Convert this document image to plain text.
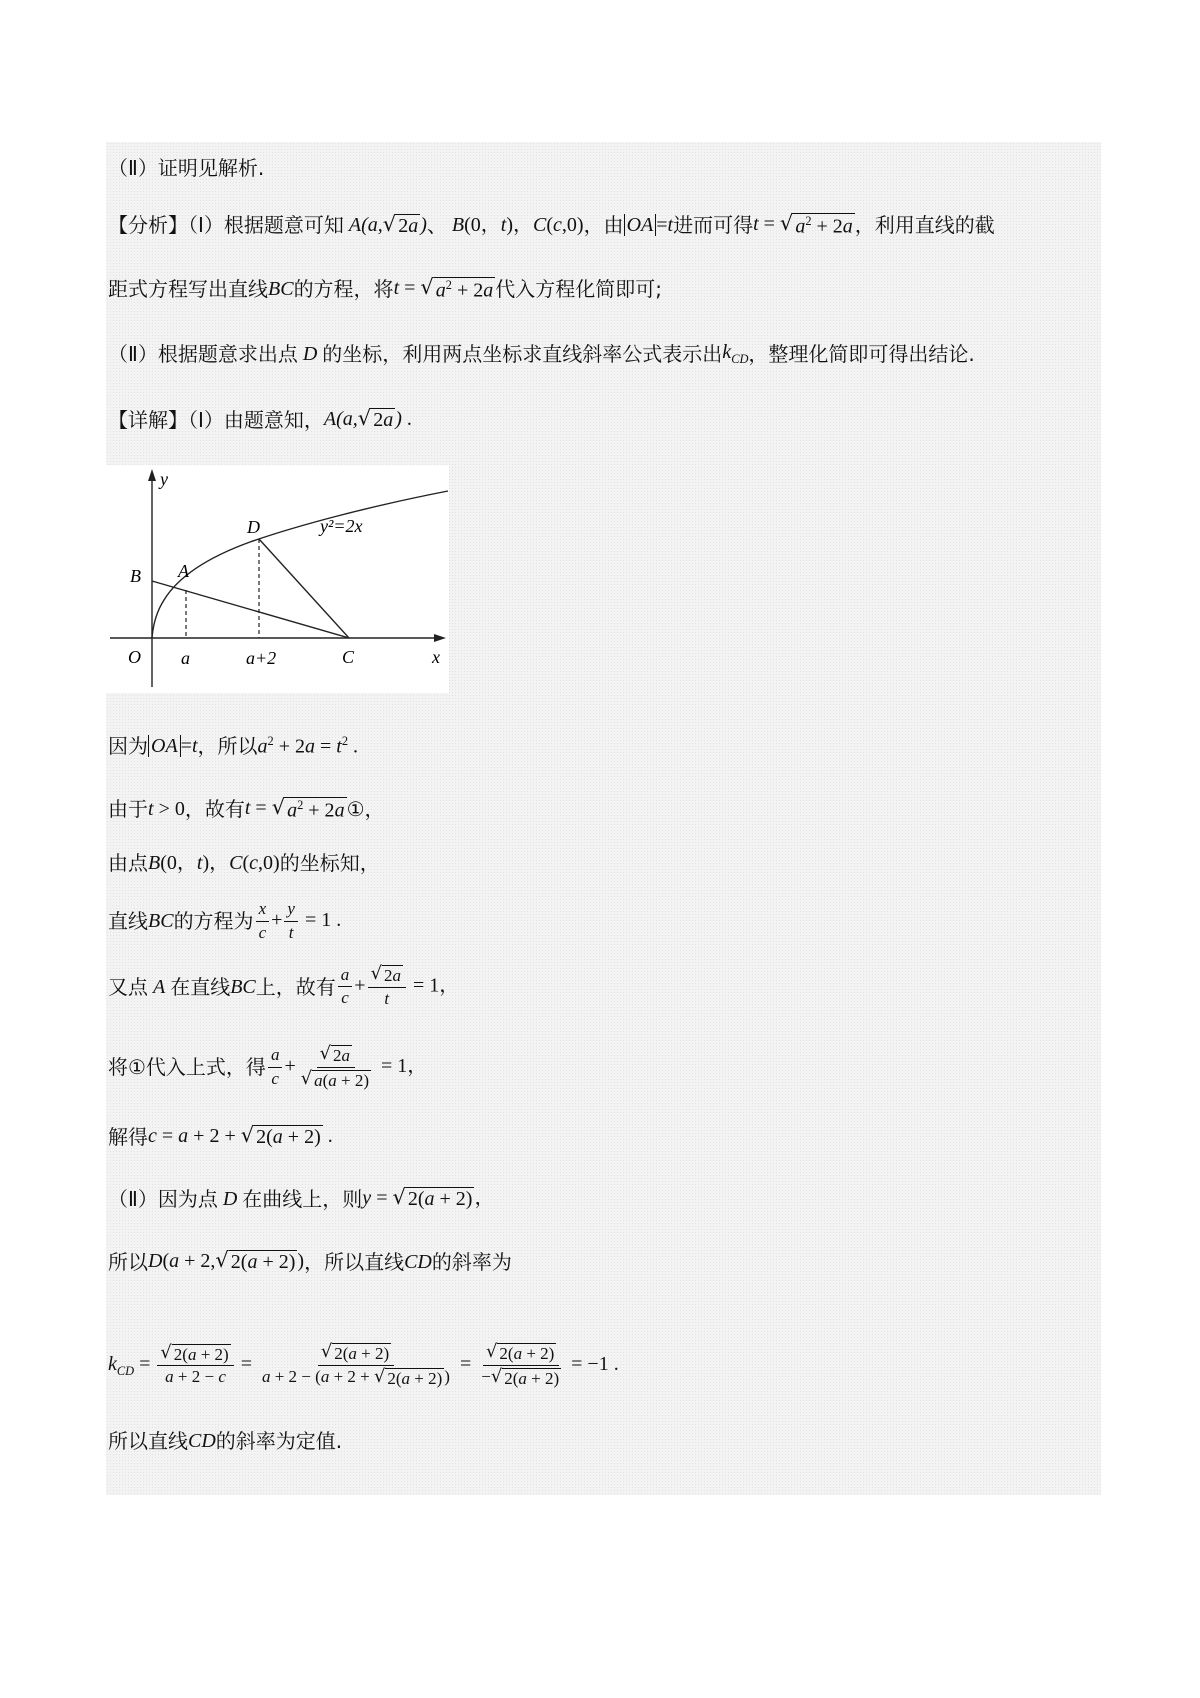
（Ⅱ）证明见解析.
【分析】（Ⅰ）根据题意可知 A(a, √ 2a ) 、 B(0，t)，C(c,0) ，由 OA =t 进而可得 t = √ $a^2 + 2a$ ，利用直线的截
距式方程写出直线 BC 的方程，将 t = √ $a^2 + 2a$ 代入方程化简即可;
（Ⅱ）根据题意求出点 D 的坐标，利用两点坐标求直线斜率公式表示出 $k_{CD}$ ，整理化简即可得出结论.
【详解】（Ⅰ）由题意知， A(a, √ 2a ) .
y
x
O
B A
D
C
a	a+2
y²=2x
因为 OA =t ，所以 $a^2 + 2a = t^2$ .
由于 t > 0 ，故有 t = √ $a^2 + 2a$ ①，
由点 B(0，t)，C(c,0) 的坐标知，
直线 BC 的方程为 $\frac{x}{c} + \frac{y}{t} = 1$ .
又点 A 在直线 BC 上，故有 $\frac{a}{c} + \frac{√ 2a}{t} = 1$，
将①代入上式，得 $\frac{a}{c} + \frac{√ 2a}{√ a(a + 2)} = 1$，
解得 c = a + 2 + √ 2(a + 2) .
（Ⅱ）因为点 D 在曲线上，则 y = √ 2(a + 2) ，
所以 D(a + 2, √ 2(a + 2) ) ，所以直线 CD 的斜率为
$k_{CD} = \frac{√ 2(a + 2)}{a + 2 - c} = \frac{√ 2(a + 2)}{a + 2 - (a + 2 + √ 2(a + 2) )} = \frac{√ 2(a + 2)}{- √ 2(a + 2)} = -1$ .
所以直线 CD 的斜率为定值.
